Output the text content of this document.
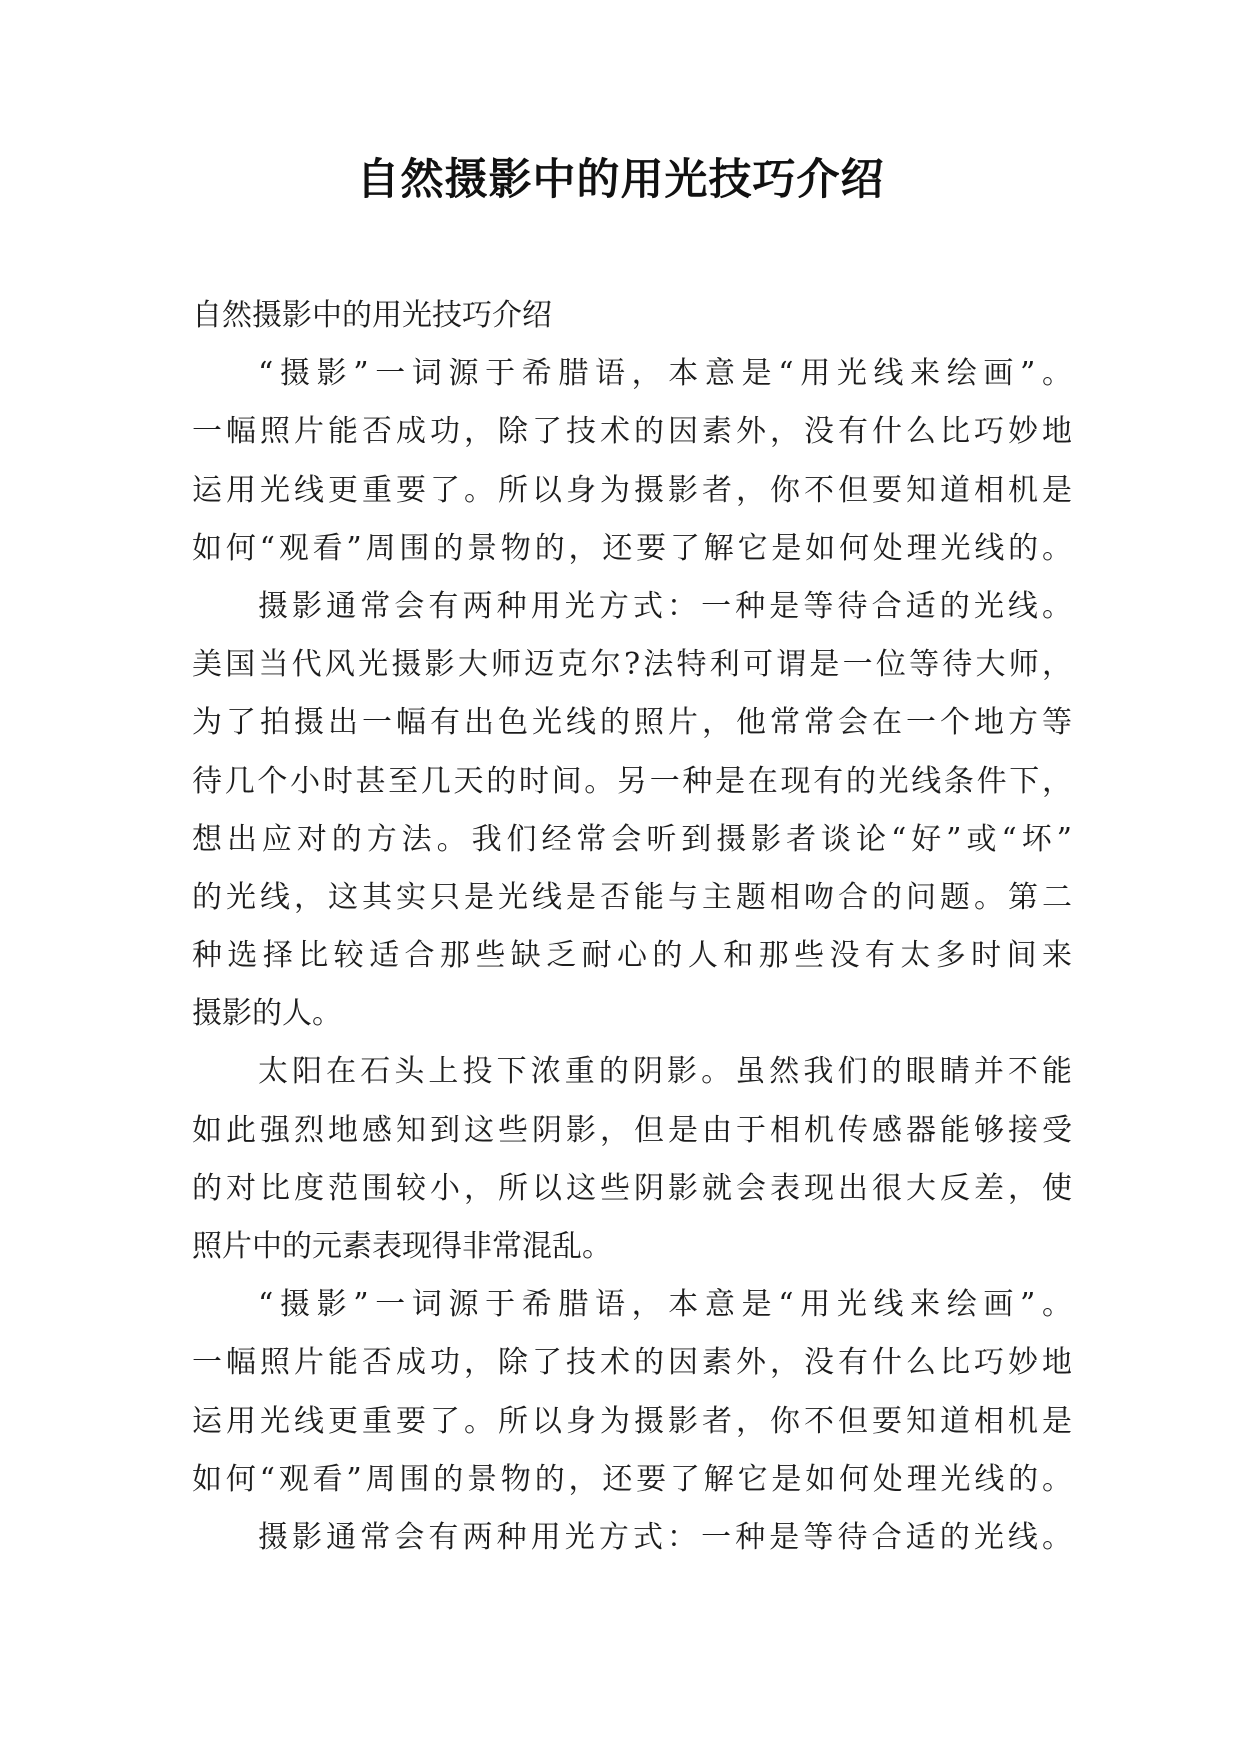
自然摄影中的用光技巧介绍
自然摄影中的用光技巧介绍
“摄影”一词源于希腊语，本意是“用光线来绘画”。
一幅照片能否成功，除了技术的因素外，没有什么比巧妙地
运用光线更重要了。所以身为摄影者，你不但要知道相机是
如何“观看”周围的景物的，还要了解它是如何处理光线的。
摄影通常会有两种用光方式：一种是等待合适的光线。
美国当代风光摄影大师迈克尔?法特利可谓是一位等待大师，
为了拍摄出一幅有出色光线的照片，他常常会在一个地方等
待几个小时甚至几天的时间。另一种是在现有的光线条件下，
想出应对的方法。我们经常会听到摄影者谈论“好”或“坏”
的光线，这其实只是光线是否能与主题相吻合的问题。第二
种选择比较适合那些缺乏耐心的人和那些没有太多时间来
摄影的人。
太阳在石头上投下浓重的阴影。虽然我们的眼睛并不能
如此强烈地感知到这些阴影，但是由于相机传感器能够接受
的对比度范围较小，所以这些阴影就会表现出很大反差，使
照片中的元素表现得非常混乱。
“摄影”一词源于希腊语，本意是“用光线来绘画”。
一幅照片能否成功，除了技术的因素外，没有什么比巧妙地
运用光线更重要了。所以身为摄影者，你不但要知道相机是
如何“观看”周围的景物的，还要了解它是如何处理光线的。
摄影通常会有两种用光方式：一种是等待合适的光线。
